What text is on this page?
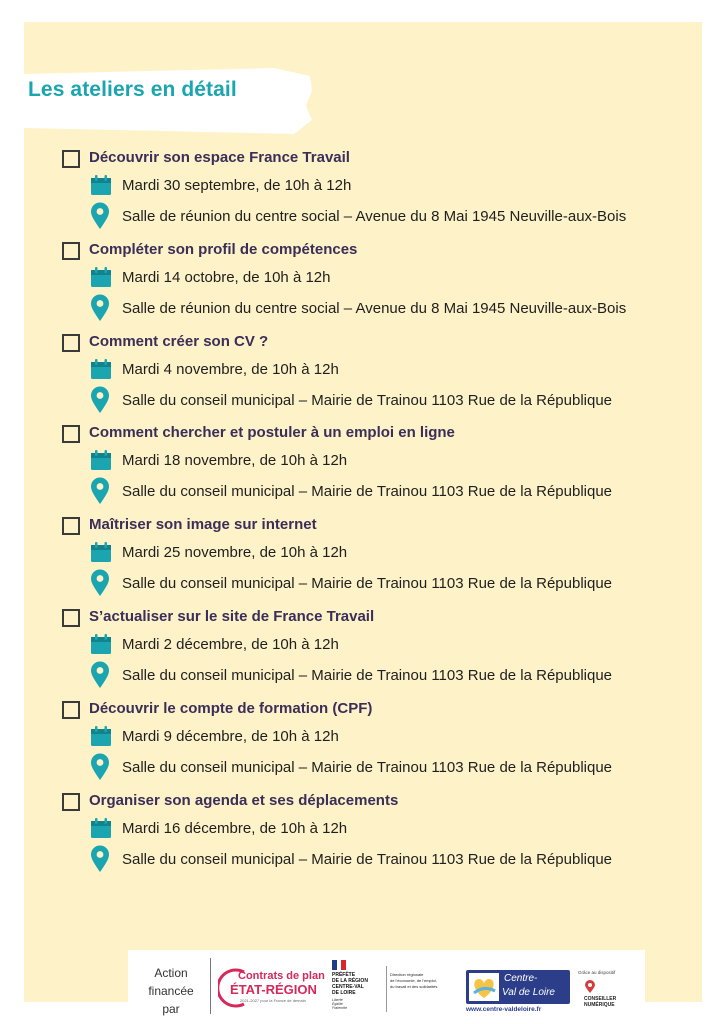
Les ateliers en détail
Découvrir son espace France Travail
Mardi 30 septembre, de 10h à 12h
Salle de réunion du centre social – Avenue du 8 Mai 1945 Neuville-aux-Bois
Compléter son profil de compétences
Mardi 14 octobre, de 10h à 12h
Salle de réunion du centre social – Avenue du 8 Mai 1945 Neuville-aux-Bois
Comment créer son CV ?
Mardi 4 novembre, de 10h à 12h
Salle du conseil municipal – Mairie de Trainou 1103 Rue de la République
Comment chercher et postuler à un emploi en ligne
Mardi 18 novembre, de 10h à 12h
Salle du conseil municipal – Mairie de Trainou 1103 Rue de la République
Maîtriser son image sur internet
Mardi 25 novembre, de 10h à 12h
Salle du conseil municipal – Mairie de Trainou 1103 Rue de la République
S’actualiser sur le site de France Travail
Mardi 2 décembre, de 10h à 12h
Salle du conseil municipal – Mairie de Trainou 1103 Rue de la République
Découvrir le compte de formation (CPF)
Mardi 9 décembre, de 10h à 12h
Salle du conseil municipal – Mairie de Trainou 1103 Rue de la République
Organiser son agenda et ses déplacements
Mardi 16 décembre, de 10h à 12h
Salle du conseil municipal – Mairie de Trainou 1103 Rue de la République
Action
financée
par
Contrats de plan
ÉTAT-RÉGION
2021-2027 pour la France de demain
PRÉFÈTE
DE LA RÉGION
CENTRE-VAL
DE LOIRE
Liberté
Égalité
Fraternité
Direction régionale
de l'économie, de l'emploi,
du travail et des solidarités
Centre-
Val de Loire
www.centre-valdeloire.fr
Grâce au dispositif
CONSEILLER
NUMÉRIQUE
